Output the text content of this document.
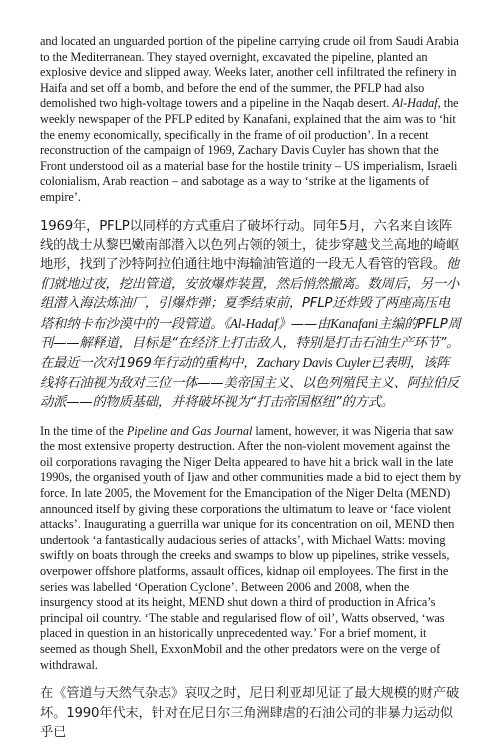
and located an unguarded portion of the pipeline carrying crude oil from Saudi Arabia to the Mediterranean. They stayed overnight, excavated the pipeline, planted an explosive device and slipped away. Weeks later, another cell infiltrated the refinery in Haifa and set off a bomb, and before the end of the summer, the PFLP had also demolished two high-voltage towers and a pipeline in the Naqab desert. Al-Hadaf, the weekly newspaper of the PFLP edited by Kanafani, explained that the aim was to ‘hit the enemy economically, specifically in the frame of oil production’. In a recent reconstruction of the campaign of 1969, Zachary Davis Cuyler has shown that the Front understood oil as a material base for the hostile trinity – US imperialism, Israeli colonialism, Arab reaction – and sabotage as a way to ‘strike at the ligaments of empire’.

1969年，PFLP以同样的方式重启了破坏行动。同年5月，六名来自该阵线的战士从黎巴嫩南部潜入以色列占领的领土，徒步穿越戈兰高地的崎岖地形，找到了沙特阿拉伯通往地中海输油管道的一段无人看管的管段。他们就地过夜，挖出管道，安放爆炸装置，然后悄然撤离。数周后，另一小组潜入海法炼油厂，引爆炸弹；夏季结束前，PFLP还炸毁了两座高压电塔和纳卡布沙漠中的一段管道。《Al-Hadaf》——由Kanafani主编的PFLP周刊——解释道，目标是“在经济上打击敌人，特别是打击石油生产环节”。在最近一次对1969年行动的重构中，Zachary Davis Cuyler已表明，该阵线将石油视为敌对三位一体——美帝国主义、以色列殖民主义、阿拉伯反动派——的物质基础，并将破坏视为“打击帝国枢纽”的方式。

In the time of the Pipeline and Gas Journal lament, however, it was Nigeria that saw the most extensive property destruction. After the non-violent movement against the oil corporations ravaging the Niger Delta appeared to have hit a brick wall in the late 1990s, the organised youth of Ijaw and other communities made a bid to eject them by force. In late 2005, the Movement for the Emancipation of the Niger Delta (MEND) announced itself by giving these corporations the ultimatum to leave or ‘face violent attacks’. Inaugurating a guerrilla war unique for its concentration on oil, MEND then undertook ‘a fantastically audacious series of attacks’, with Michael Watts: moving swiftly on boats through the creeks and swamps to blow up pipelines, strike vessels, overpower offshore platforms, assault offices, kidnap oil employees. The first in the series was labelled ‘Operation Cyclone’. Between 2006 and 2008, when the insurgency stood at its height, MEND shut down a third of production in Africa’s principal oil country. ‘The stable and regularised flow of oil’, Watts observed, ‘was placed in question in an historically unprecedented way.’ For a brief moment, it seemed as though Shell, ExxonMobil and the other predators were on the verge of withdrawal.

在《管道与天然气杂志》哀叹之时，尼日利亚却见证了最大规模的财产破坏。1990年代末，针对在尼日尔三角洲肆虐的石油公司的非暴力运动似乎已
